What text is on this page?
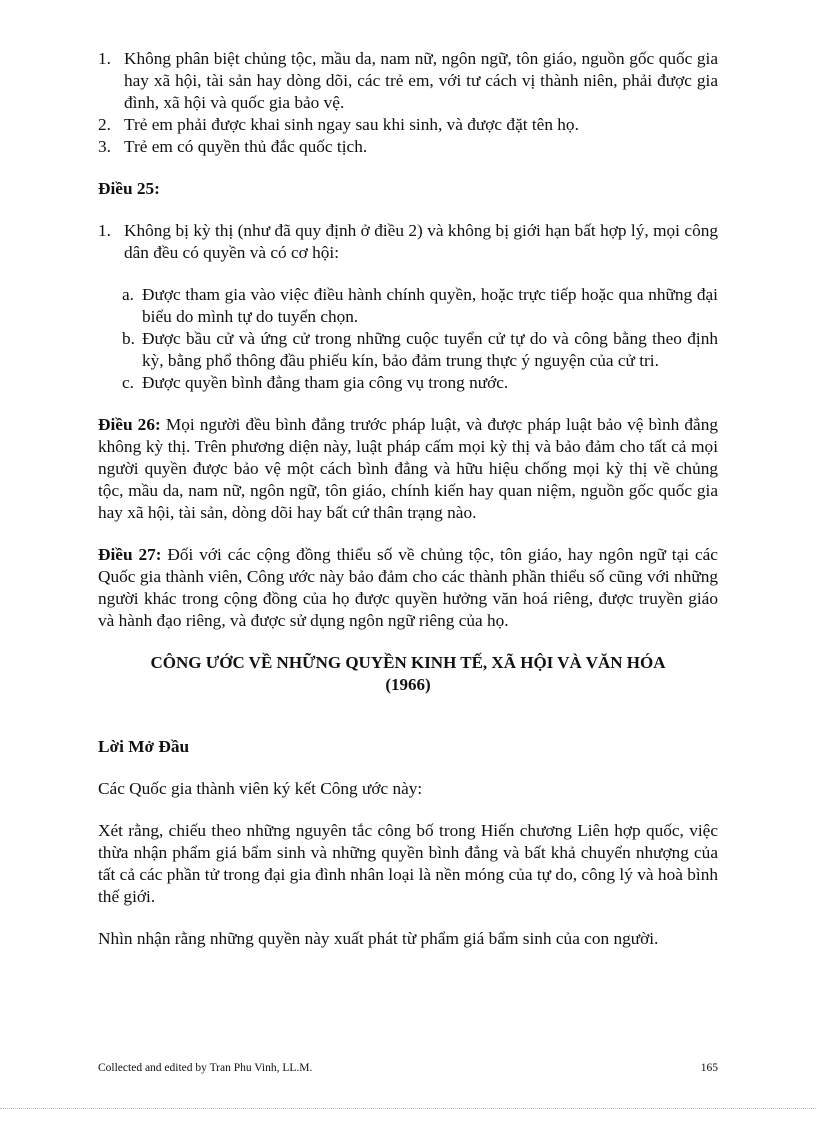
1. Không phân biệt chủng tộc, mầu da, nam nữ, ngôn ngữ, tôn giáo, nguồn gốc quốc gia hay xã hội, tài sản hay dòng dõi, các trẻ em, với tư cách vị thành niên, phải được gia đình, xã hội và quốc gia bảo vệ.
2. Trẻ em phải được khai sinh ngay sau khi sinh, và được đặt tên họ.
3. Trẻ em có quyền thủ đắc quốc tịch.

Điều 25:

1. Không bị kỳ thị (như đã quy định ở điều 2) và không bị giới hạn bất hợp lý, mọi công dân đều có quyền và có cơ hội:
a. Được tham gia vào việc điều hành chính quyền, hoặc trực tiếp hoặc qua những đại biểu do mình tự do tuyển chọn.
b. Được bầu cử và ứng cử trong những cuộc tuyển cử tự do và công bằng theo định kỳ, bằng phổ thông đầu phiếu kín, bảo đảm trung thực ý nguyện của cử tri.
c. Được quyền bình đẳng tham gia công vụ trong nước.

Điều 26: Mọi người đều bình đẳng trước pháp luật, và được pháp luật bảo vệ bình đẳng không kỳ thị. Trên phương diện này, luật pháp cấm mọi kỳ thị và bảo đảm cho tất cả mọi người quyền được bảo vệ một cách bình đẳng và hữu hiệu chống mọi kỳ thị về chủng tộc, mầu da, nam nữ, ngôn ngữ, tôn giáo, chính kiến hay quan niệm, nguồn gốc quốc gia hay xã hội, tài sản, dòng dõi hay bất cứ thân trạng nào.

Điều 27: Đối với các cộng đồng thiểu số về chủng tộc, tôn giáo, hay ngôn ngữ tại các Quốc gia thành viên, Công ước này bảo đảm cho các thành phần thiểu số cũng với những người khác trong cộng đồng của họ được quyền hưởng văn hoá riêng, được truyền giáo và hành đạo riêng, và được sử dụng ngôn ngữ riêng của họ.

CÔNG ƯỚC VỀ NHỮNG QUYỀN KINH TẾ, XÃ HỘI VÀ VĂN HÓA
(1966)

Lời Mở Đầu

Các Quốc gia thành viên ký kết Công ước này:

Xét rằng, chiếu theo những nguyên tắc công bố trong Hiến chương Liên hợp quốc, việc thừa nhận phẩm giá bẩm sinh và những quyền bình đẳng và bất khả chuyển nhượng của tất cả các phần tử trong đại gia đình nhân loại là nền móng của tự do, công lý và hoà bình thế giới.

Nhìn nhận rằng những quyền này xuất phát từ phẩm giá bẩm sinh của con người.

Collected and edited by Tran Phu Vinh, LL.M.	165
